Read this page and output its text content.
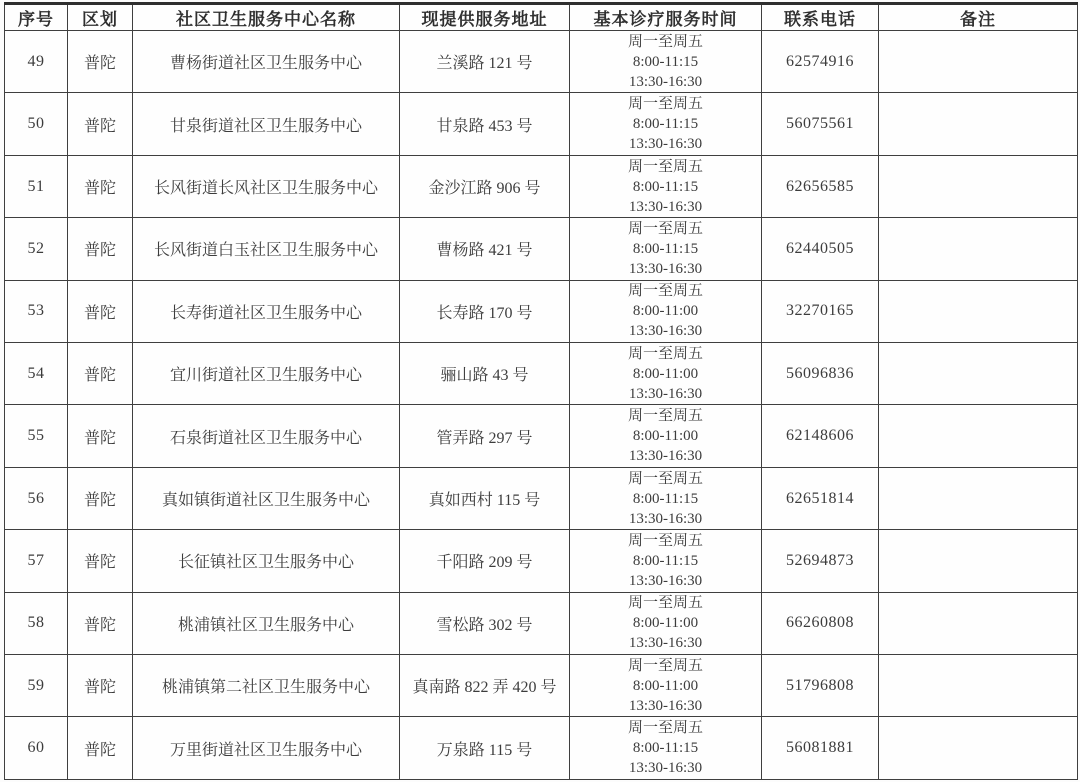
序号	区划	社区卫生服务中心名称	现提供服务地址	基本诊疗服务时间	联系电话	备注
49	普陀	曹杨街道社区卫生服务中心	兰溪路 121 号	周一至周五
8:00-11:15
13:30-16:30	62574916	
50	普陀	甘泉街道社区卫生服务中心	甘泉路 453 号	周一至周五
8:00-11:15
13:30-16:30	56075561	
51	普陀	长风街道长风社区卫生服务中心	金沙江路 906 号	周一至周五
8:00-11:15
13:30-16:30	62656585	
52	普陀	长风街道白玉社区卫生服务中心	曹杨路 421 号	周一至周五
8:00-11:15
13:30-16:30	62440505	
53	普陀	长寿街道社区卫生服务中心	长寿路 170 号	周一至周五
8:00-11:00
13:30-16:30	32270165	
54	普陀	宜川街道社区卫生服务中心	骊山路 43 号	周一至周五
8:00-11:00
13:30-16:30	56096836	
55	普陀	石泉街道社区卫生服务中心	管弄路 297 号	周一至周五
8:00-11:00
13:30-16:30	62148606	
56	普陀	真如镇街道社区卫生服务中心	真如西村 115 号	周一至周五
8:00-11:15
13:30-16:30	62651814	
57	普陀	长征镇社区卫生服务中心	千阳路 209 号	周一至周五
8:00-11:15
13:30-16:30	52694873	
58	普陀	桃浦镇社区卫生服务中心	雪松路 302 号	周一至周五
8:00-11:00
13:30-16:30	66260808	
59	普陀	桃浦镇第二社区卫生服务中心	真南路 822 弄 420 号	周一至周五
8:00-11:00
13:30-16:30	51796808	
60	普陀	万里街道社区卫生服务中心	万泉路 115 号	周一至周五
8:00-11:15
13:30-16:30	56081881	
